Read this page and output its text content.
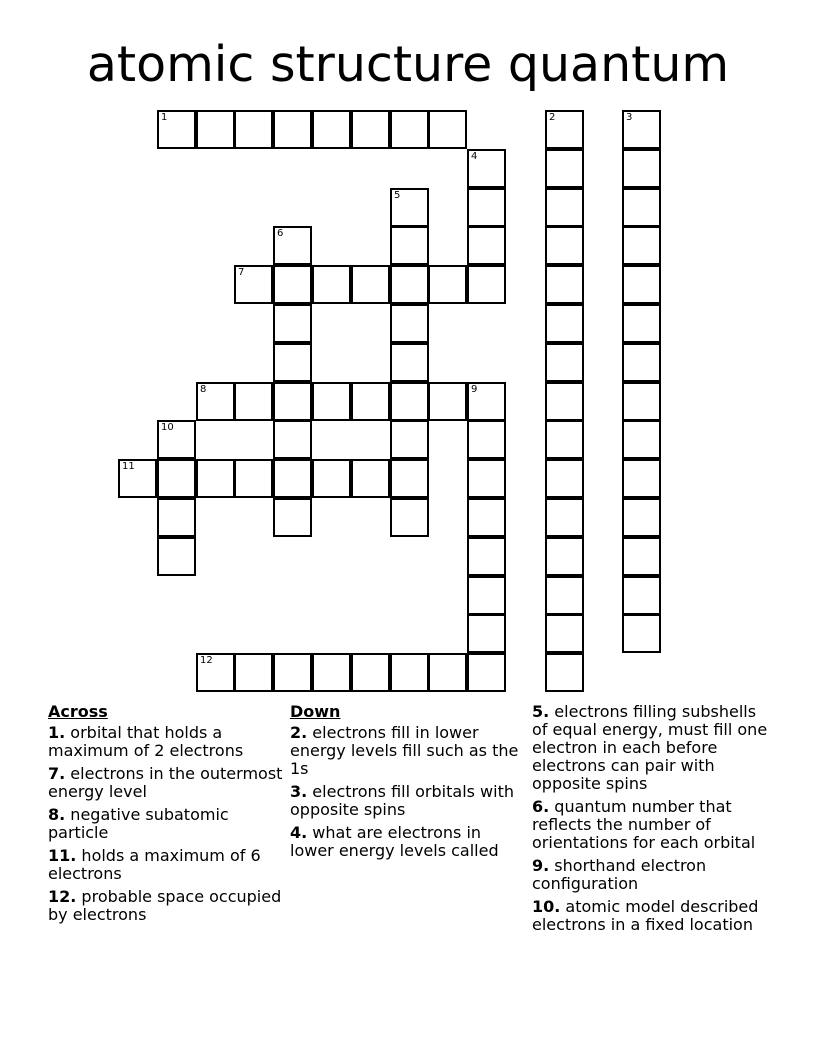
atomic structure quantum
1	2	3
4
5
6
7
8	9
10
11
12
Across
1. orbital that holds a maximum of 2 electrons
7. electrons in the outermost energy level
8. negative subatomic particle
11. holds a maximum of 6 electrons
12. probable space occupied by electrons
Down
2. electrons fill in lower energy levels fill such as the 1s
3. electrons fill orbitals with opposite spins
4. what are electrons in lower energy levels called
5. electrons filling subshells of equal energy, must fill one electron in each before electrons can pair with opposite spins
6. quantum number that reflects the number of orientations for each orbital
9. shorthand electron configuration
10. atomic model described electrons in a fixed location
